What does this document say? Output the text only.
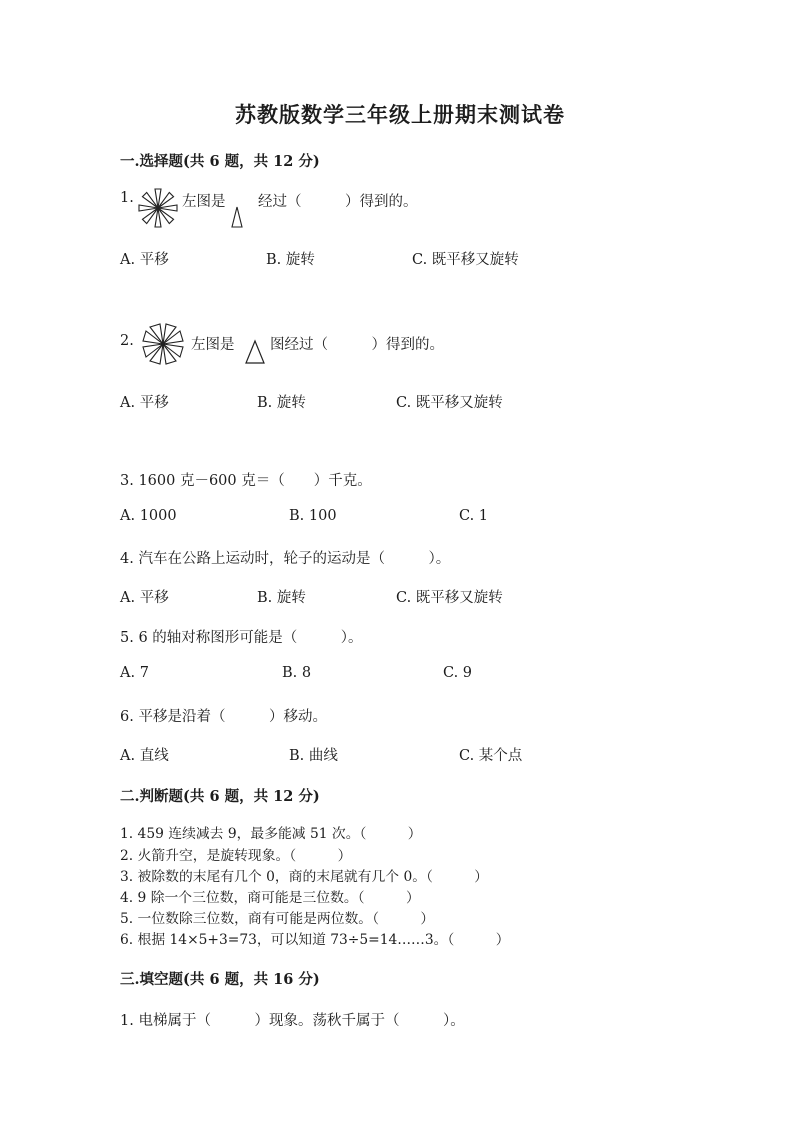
苏教版数学三年级上册期末测试卷
一.选择题(共 6 题，共 12 分)
1.	左图是 经过（　　　）得到的。
A. 平移	B. 旋转	C. 既平移又旋转
2.	左图是 图经过（　　　）得到的。
A. 平移	B. 旋转	C. 既平移又旋转
3. 1600 克－600 克＝（　　）千克。
A. 1000	B. 100	C. 1
4. 汽车在公路上运动时，轮子的运动是（　　　）。
A. 平移	B. 旋转	C. 既平移又旋转
5. 6 的轴对称图形可能是（　　　）。
A. 7	B. 8	C. 9
6. 平移是沿着（　　　）移动。
A. 直线	B. 曲线	C. 某个点
二.判断题(共 6 题，共 12 分)
1. 459 连续减去 9，最多能减 51 次。（　　　）
2. 火箭升空，是旋转现象。（　　　）
3. 被除数的末尾有几个 0，商的末尾就有几个 0。（　　　）
4. 9 除一个三位数，商可能是三位数。（　　　）
5. 一位数除三位数，商有可能是两位数。（　　　）
6. 根据 14×5+3=73，可以知道 73÷5=14……3。（　　　）
三.填空题(共 6 题，共 16 分)
1. 电梯属于（　　　）现象。荡秋千属于（　　　）。
